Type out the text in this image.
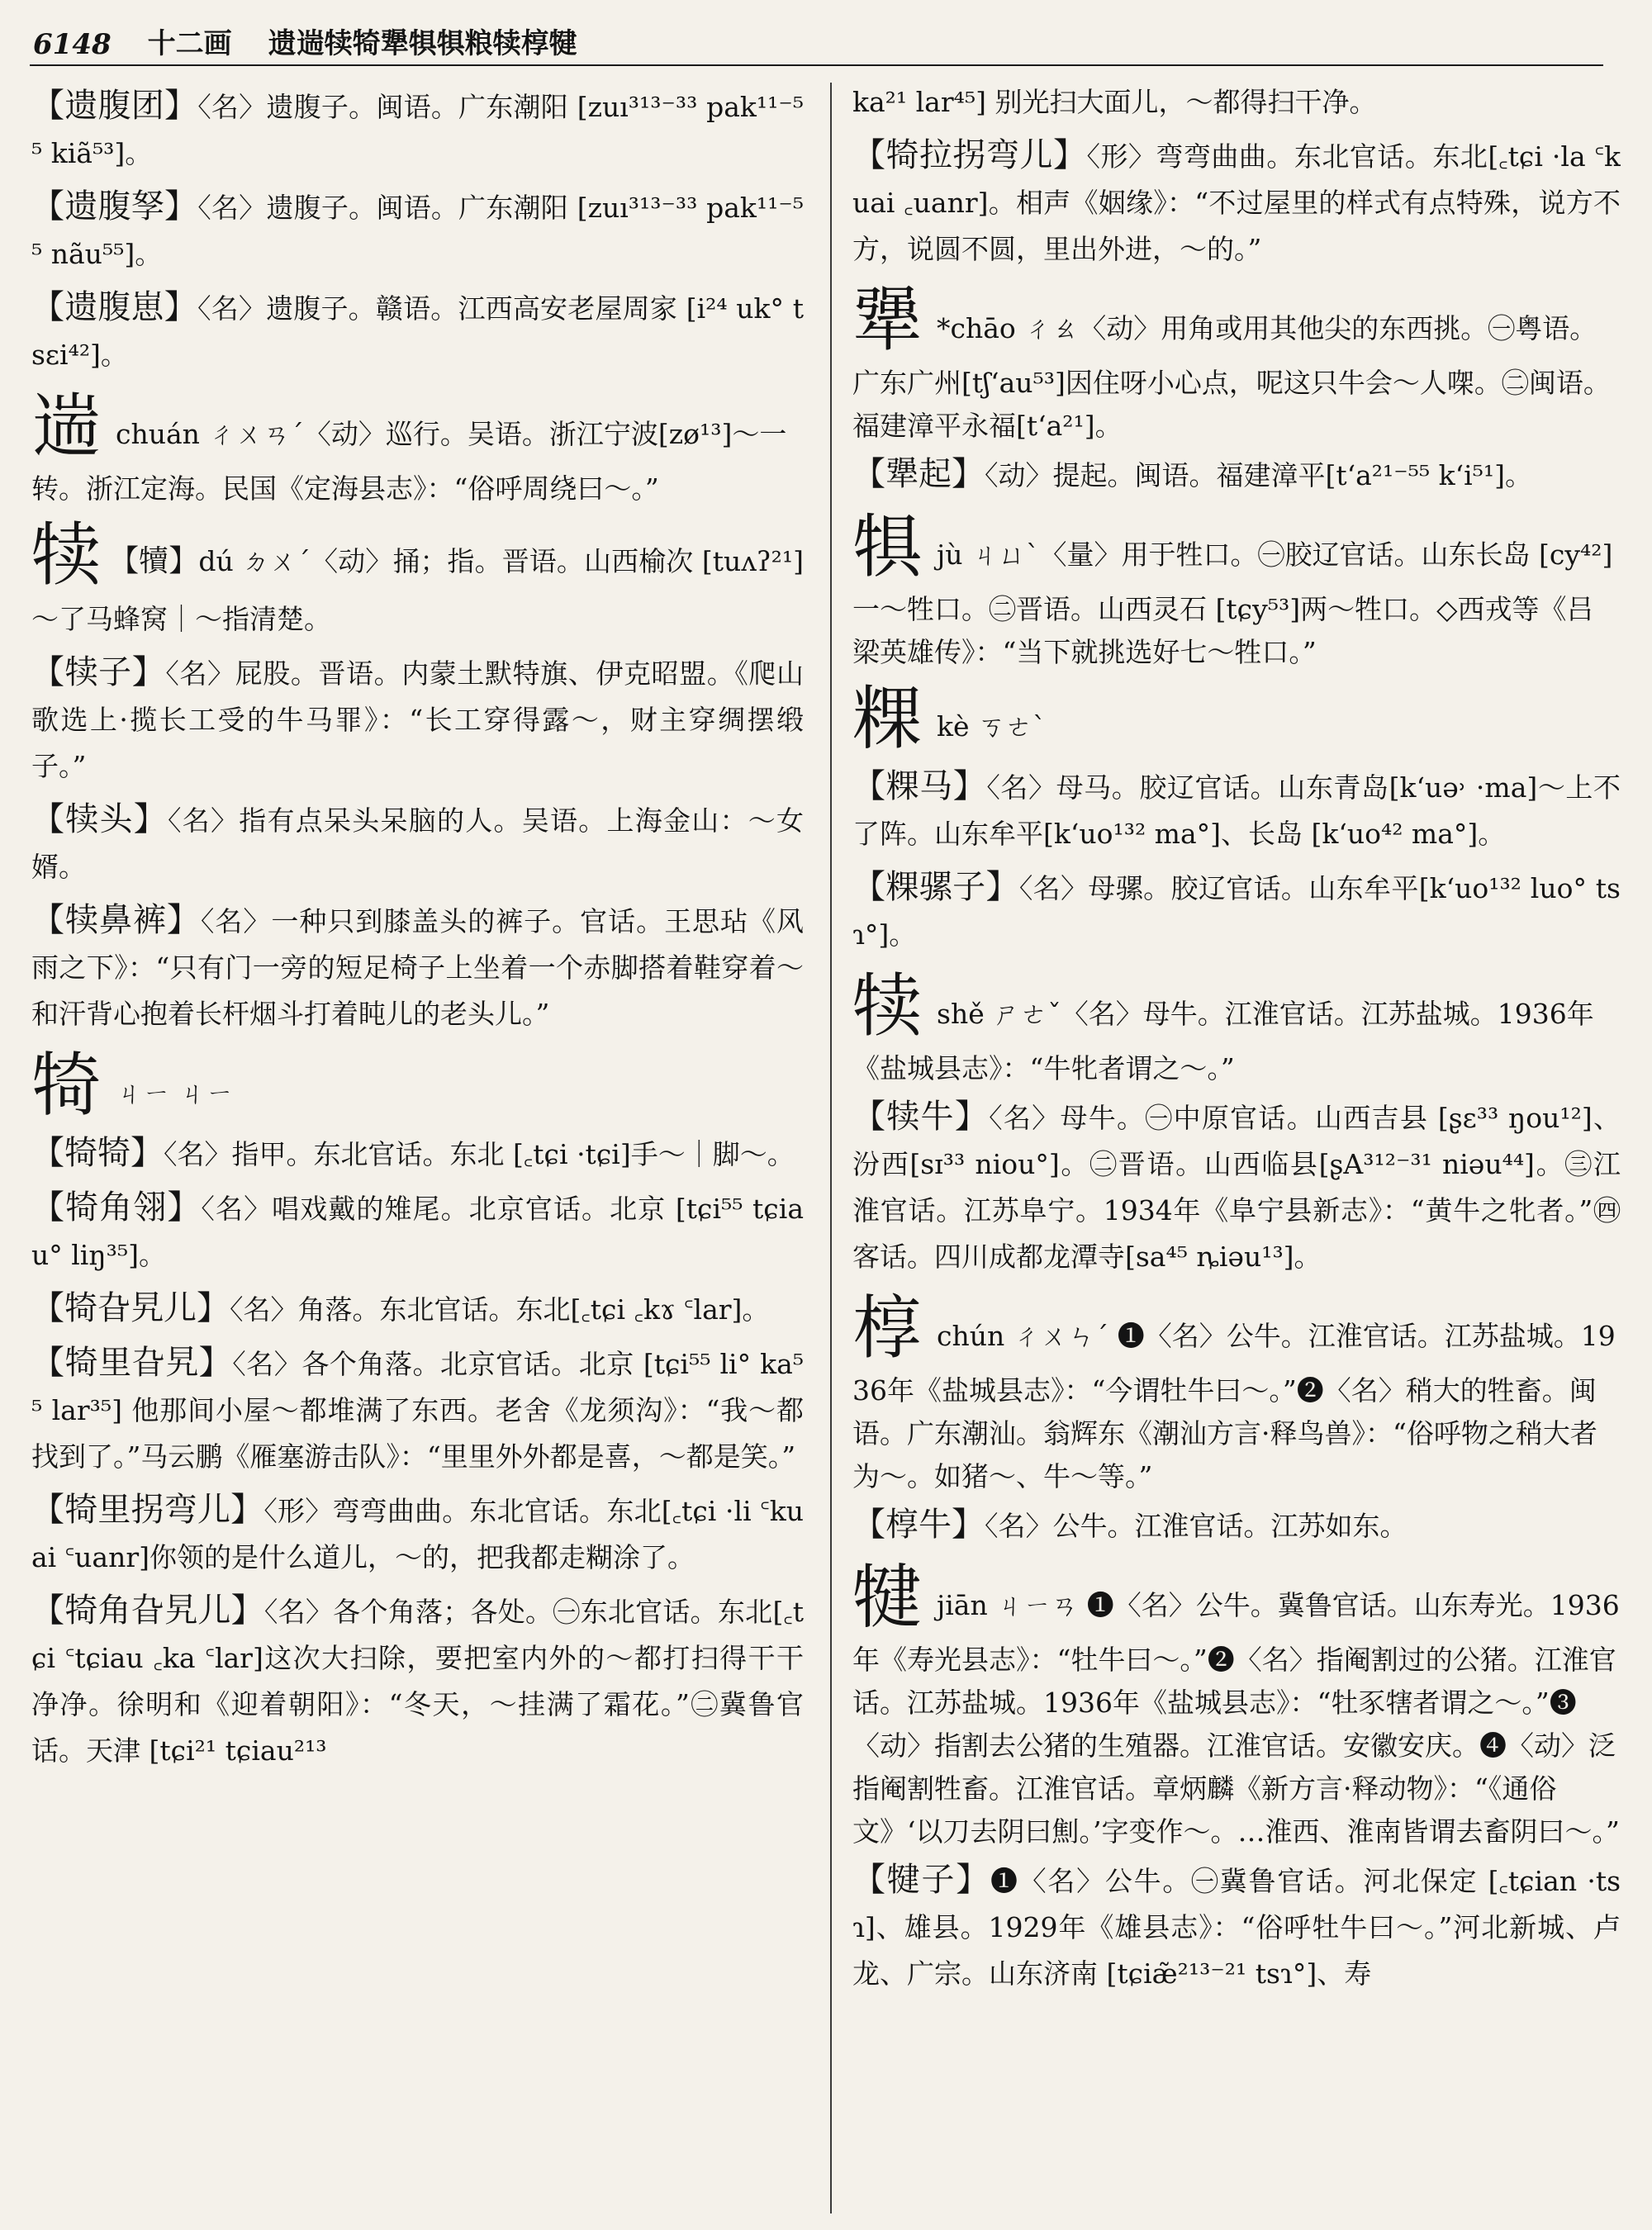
6148 十二画 遗遄犊犄犟犋犋粮犊椁犍

【遗腹团】〈名〉遗腹子。闽语。广东潮阳 [zuı³¹³⁻³³ pak¹¹⁻⁵⁵ kiã⁵³]。

【遗腹孥】〈名〉遗腹子。闽语。广东潮阳 [zuı³¹³⁻³³ pak¹¹⁻⁵⁵ nãu⁵⁵]。

【遗腹崽】〈名〉遗腹子。赣语。江西高安老屋周家 [i²⁴ uk° tsɛi⁴²]。

遄chuán ㄔㄨㄢˊ〈动〉巡行。吴语。浙江宁波[zø¹³]～一转。浙江定海。民国《定海县志》：“俗呼周绕曰～。”

犊 【犢】dú ㄉㄨˊ〈动〉捅；指。晋语。山西榆次 [tuʌʔ²¹]～了马蜂窝｜～指清楚。

【犊子】〈名〉屁股。晋语。内蒙土默特旗、伊克昭盟。《爬山歌选上·揽长工受的牛马罪》：“长工穿得露～，财主穿绸摆缎子。”

【犊头】〈名〉指有点呆头呆脑的人。吴语。上海金山：～女婿。

【犊鼻裤】〈名〉一种只到膝盖头的裤子。官话。王思玷《风雨之下》：“只有门一旁的短足椅子上坐着一个赤脚搭着鞋穿着～和汗背心抱着长杆烟斗打着盹儿的老头儿。”

犄ㄐㄧ ㄐㄧ

【犄犄】〈名〉指甲。东北官话。东北 [꜀tɕi ·tɕi]手～｜脚～。

【犄角翎】〈名〉唱戏戴的雉尾。北京官话。北京 [tɕi⁵⁵ tɕiau° liŋ³⁵]。

【犄旮旯儿】〈名〉角落。东北官话。东北[꜀tɕi ꜀kɤ ꜂lar]。

【犄里旮旯】〈名〉各个角落。北京官话。北京 [tɕi⁵⁵ li° ka⁵⁵ lar³⁵] 他那间小屋～都堆满了东西。老舍《龙须沟》：“我～都找到了。”马云鹏《雁塞游击队》：“里里外外都是喜，～都是笑。”

【犄里拐弯儿】〈形〉弯弯曲曲。东北官话。东北[꜀tɕi ·li ꜂kuai ꜂uanr]你领的是什么道儿，～的，把我都走糊涂了。

【犄角旮旯儿】〈名〉各个角落；各处。㊀东北官话。东北[꜀tɕi ꜂tɕiau ꜀ka ꜂lar]这次大扫除，要把室内外的～都打扫得干干净净。徐明和《迎着朝阳》：“冬天，～挂满了霜花。”㊁冀鲁官话。天津 [tɕi²¹ tɕiau²¹³

ka²¹ lar⁴⁵] 别光扫大面儿，～都得扫干净。

【犄拉拐弯儿】〈形〉弯弯曲曲。东北官话。东北[꜀tɕi ·la ꜂kuai ꜀uanr]。相声《姻缘》：“不过屋里的样式有点特殊，说方不方，说圆不圆，里出外进，～的。”

犟 *chāo ㄔㄠ〈动〉用角或用其他尖的东西挑。㊀粤语。广东广州[tʃʻau⁵³]因住呀小心点，呢这只牛会～人㗎。㊁闽语。福建漳平永福[tʻa²¹]。

【犟起】〈动〉提起。闽语。福建漳平[tʻa²¹⁻⁵⁵ kʻi⁵¹]。

犋jù ㄐㄩˋ〈量〉用于牲口。㊀胶辽官话。山东长岛 [cy⁴²]一～牲口。㊁晋语。山西灵石 [tɕy⁵³]两～牲口。◇西戎等《吕梁英雄传》：“当下就挑选好七～牲口。”

粿kè ㄎㄜˋ

【粿马】〈名〉母马。胶辽官话。山东青岛[kʻuə˒ ·ma]～上不了阵。山东牟平[kʻuo¹³² ma°]、长岛 [kʻuo⁴² ma°]。

【粿骡子】〈名〉母骡。胶辽官话。山东牟平[kʻuo¹³² luo° tsɿ°]。

犊shě ㄕㄜˇ〈名〉母牛。江淮官话。江苏盐城。1936年《盐城县志》：“牛牝者谓之～。”

【犊牛】〈名〉母牛。㊀中原官话。山西吉县 [ʂɛ³³ ŋou¹²]、汾西[sɪ³³ niou°]。㊁晋语。山西临县[ʂA³¹²⁻³¹ niəu⁴⁴]。㊂江淮官话。江苏阜宁。1934年《阜宁县新志》：“黄牛之牝者。”㊃客话。四川成都龙潭寺[sa⁴⁵ ȵiəu¹³]。

椁chún ㄔㄨㄣˊ ❶〈名〉公牛。江淮官话。江苏盐城。1936年《盐城县志》：“今谓牡牛曰～。”❷〈名〉稍大的牲畜。闽语。广东潮汕。翁辉东《潮汕方言·释鸟兽》：“俗呼物之稍大者为～。如猪～、牛～等。”

【椁牛】〈名〉公牛。江淮官话。江苏如东。

犍jiān ㄐㄧㄢ ❶〈名〉公牛。冀鲁官话。山东寿光。1936年《寿光县志》：“牡牛曰～。”❷〈名〉指阉割过的公猪。江淮官话。江苏盐城。1936年《盐城县志》：“牡豕犗者谓之～。”❸〈动〉指割去公猪的生殖器。江淮官话。安徽安庆。❹〈动〉泛指阉割牲畜。江淮官话。章炳麟《新方言·释动物》：“《通俗文》‘以刀去阴曰劁。’字变作～。…淮西、淮南皆谓去畜阴曰～。”

【犍子】❶〈名〉公牛。㊀冀鲁官话。河北保定 [꜀tɕian ·tsɿ]、雄县。1929年《雄县志》：“俗呼牡牛曰～。”河北新城、卢龙、广宗。山东济南 [tɕiæ̃²¹³⁻²¹ tsɿ°]、寿
